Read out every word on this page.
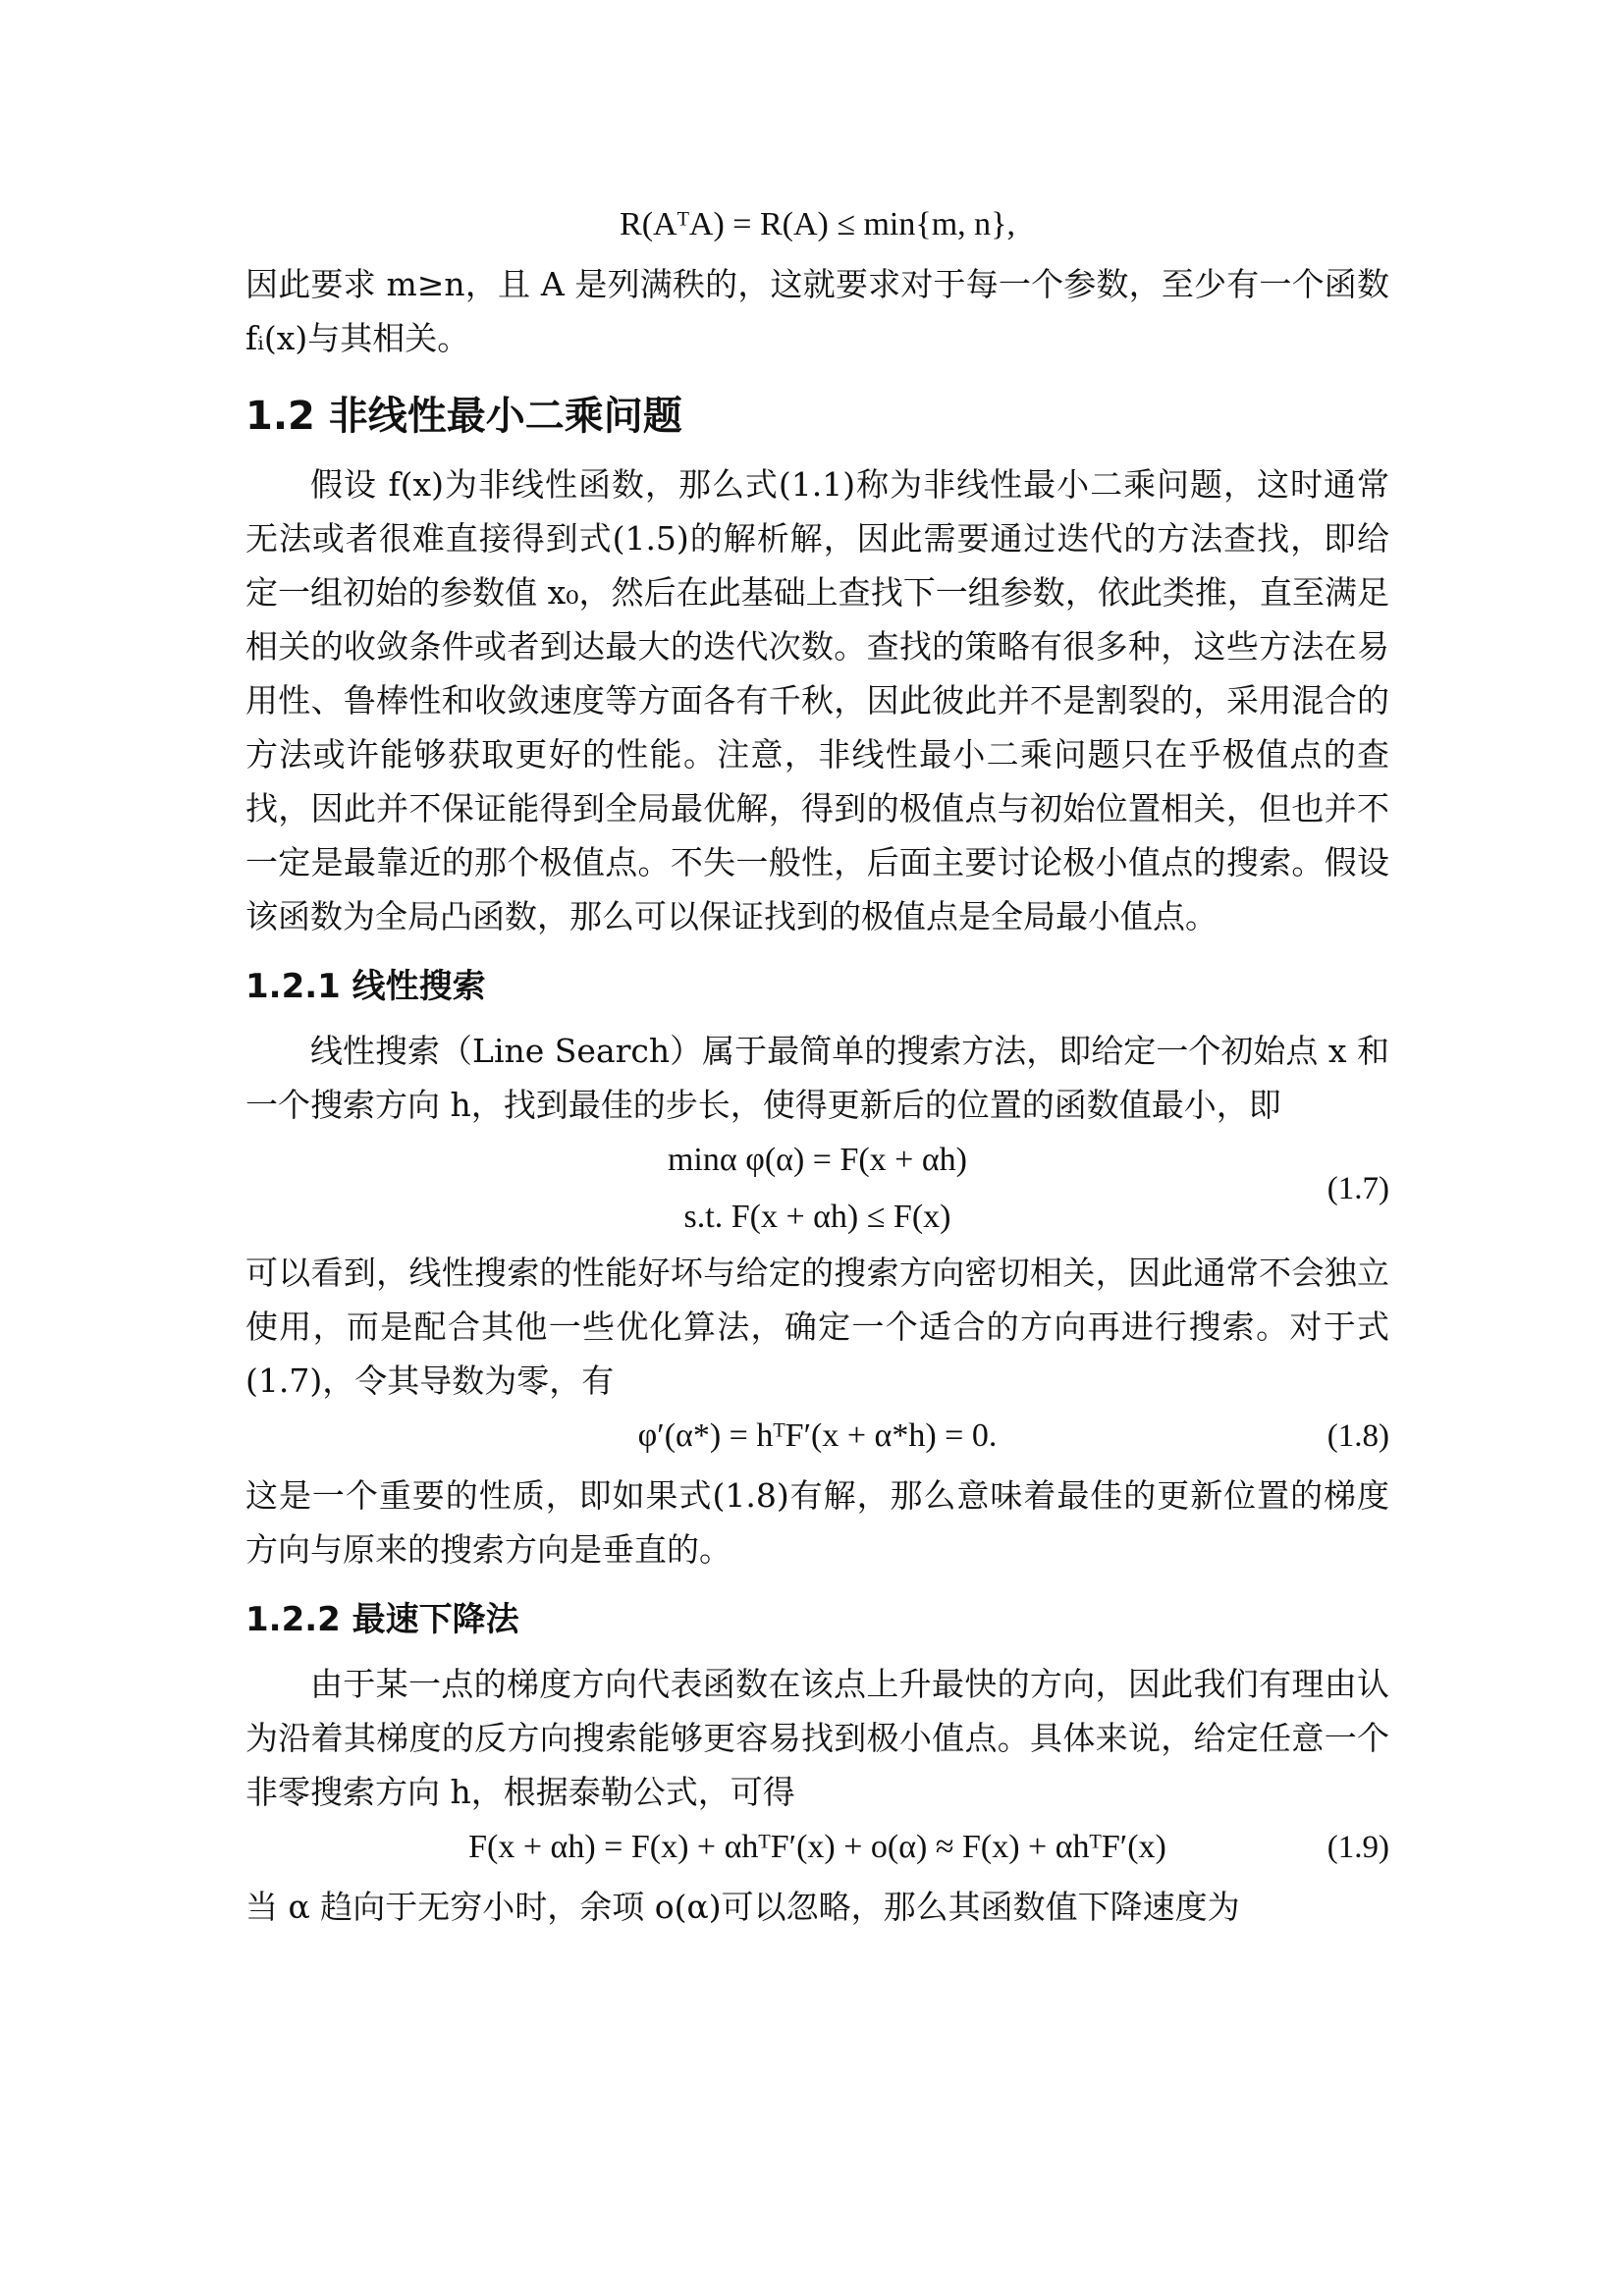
R(AᵀA) = R(A) ≤ min{m, n},

因此要求 m≥n，且 A 是列满秩的，这就要求对于每一个参数，至少有一个函数 fᵢ(x)与其相关。

1.2 非线性最小二乘问题

假设 f(x)为非线性函数，那么式(1.1)称为非线性最小二乘问题，这时通常无法或者很难直接得到式(1.5)的解析解，因此需要通过迭代的方法查找，即给定一组初始的参数值 x₀，然后在此基础上查找下一组参数，依此类推，直至满足相关的收敛条件或者到达最大的迭代次数。查找的策略有很多种，这些方法在易用性、鲁棒性和收敛速度等方面各有千秋，因此彼此并不是割裂的，采用混合的方法或许能够获取更好的性能。注意，非线性最小二乘问题只在乎极值点的查找，因此并不保证能得到全局最优解，得到的极值点与初始位置相关，但也并不一定是最靠近的那个极值点。不失一般性，后面主要讨论极小值点的搜索。假设该函数为全局凸函数，那么可以保证找到的极值点是全局最小值点。

1.2.1 线性搜索

线性搜索（Line Search）属于最简单的搜索方法，即给定一个初始点 x 和一个搜索方向 h，找到最佳的步长，使得更新后的位置的函数值最小，即

minα φ(α) = F(x + αh)
s.t. F(x + αh) ≤ F(x)
(1.7)

可以看到，线性搜索的性能好坏与给定的搜索方向密切相关，因此通常不会独立使用，而是配合其他一些优化算法，确定一个适合的方向再进行搜索。对于式(1.7)，令其导数为零，有

φ′(α*) = hᵀF′(x + α*h) = 0.	(1.8)

这是一个重要的性质，即如果式(1.8)有解，那么意味着最佳的更新位置的梯度方向与原来的搜索方向是垂直的。

1.2.2 最速下降法

由于某一点的梯度方向代表函数在该点上升最快的方向，因此我们有理由认为沿着其梯度的反方向搜索能够更容易找到极小值点。具体来说，给定任意一个非零搜索方向 h，根据泰勒公式，可得

F(x + αh) = F(x) + αhᵀF′(x) + o(α) ≈ F(x) + αhᵀF′(x)	(1.9)

当 α 趋向于无穷小时，余项 o(α)可以忽略，那么其函数值下降速度为
